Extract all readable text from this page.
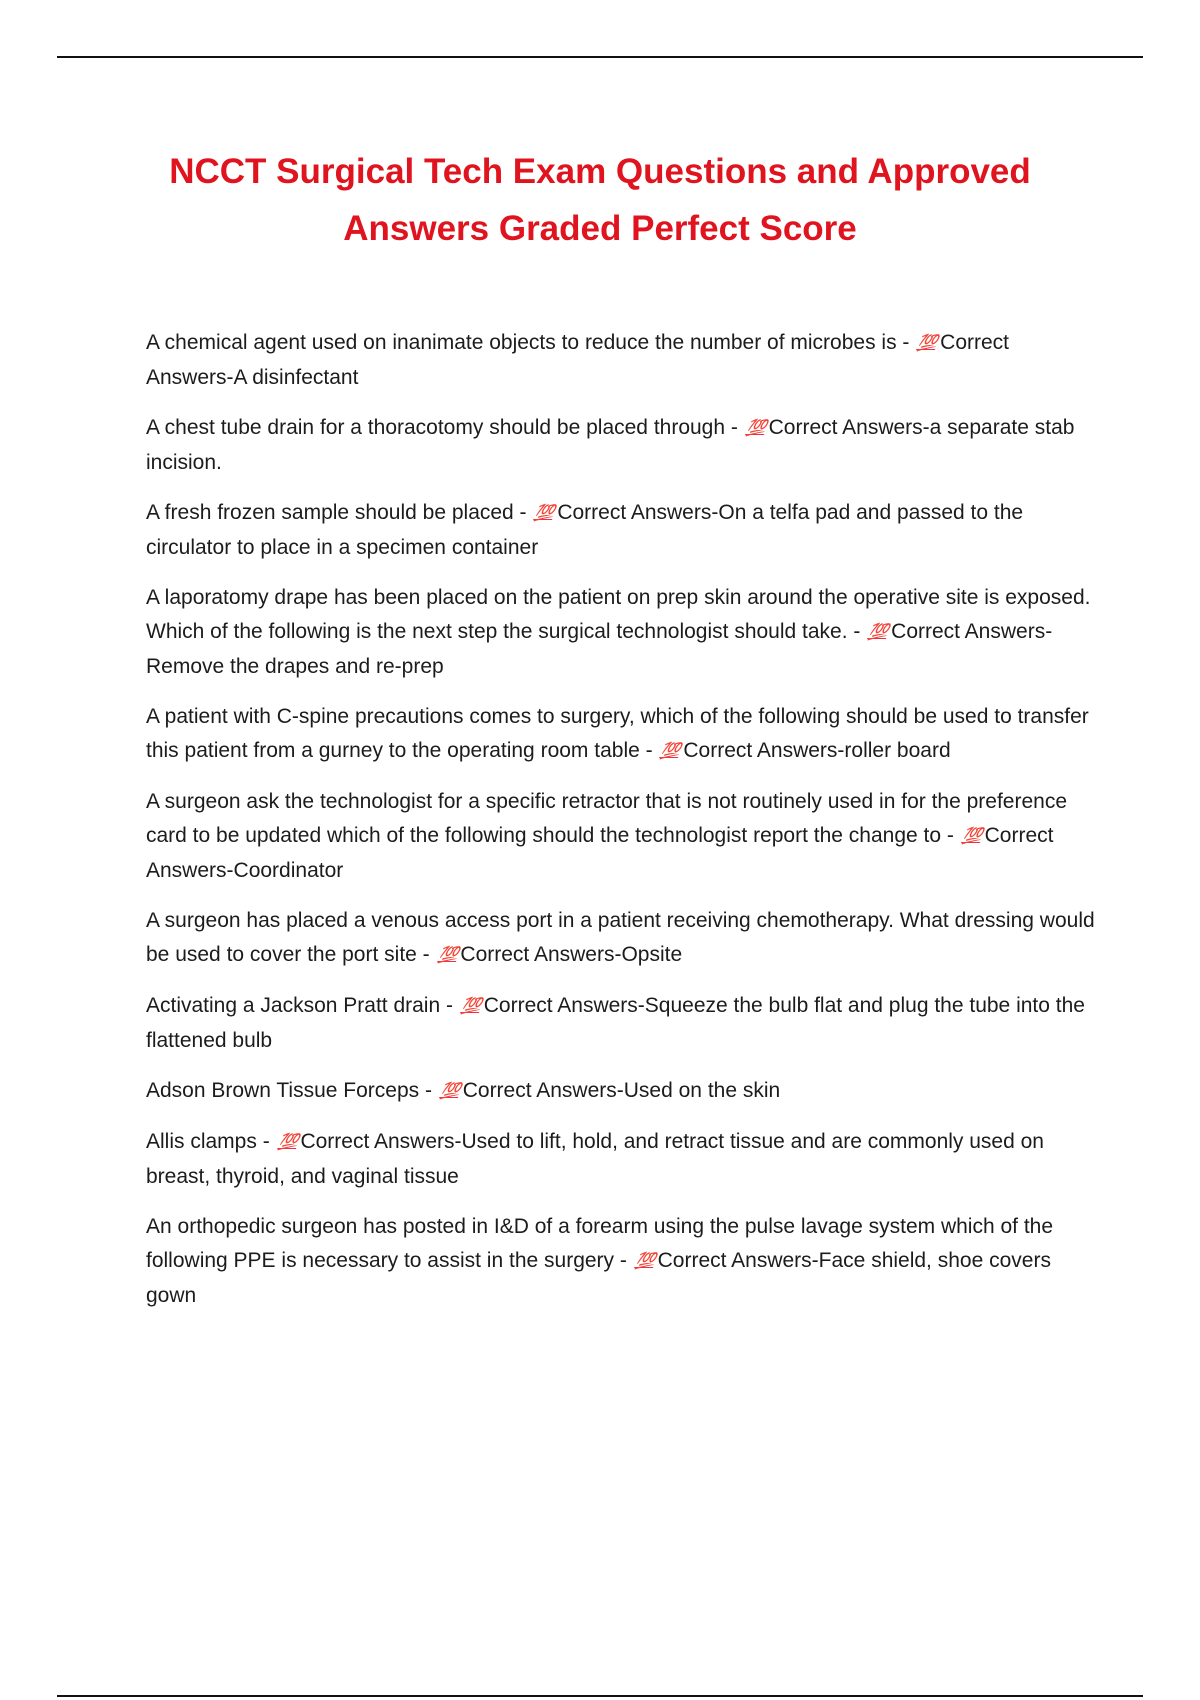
NCCT Surgical Tech Exam Questions and Approved Answers Graded Perfect Score
A chemical agent used on inanimate objects to reduce the number of microbes is - 💯 Correct Answers-A disinfectant
A chest tube drain for a thoracotomy should be placed through - 💯 Correct Answers-a separate stab incision.
A fresh frozen sample should be placed - 💯 Correct Answers-On a telfa pad and passed to the circulator to place in a specimen container
A laporatomy drape has been placed on the patient on prep skin around the operative site is exposed. Which of the following is the next step the surgical technologist should take. - 💯 Correct Answers-Remove the drapes and re-prep
A patient with C-spine precautions comes to surgery, which of the following should be used to transfer this patient from a gurney to the operating room table - 💯 Correct Answers-roller board
A surgeon ask the technologist for a specific retractor that is not routinely used in for the preference card to be updated which of the following should the technologist report the change to - 💯 Correct Answers-Coordinator
A surgeon has placed a venous access port in a patient receiving chemotherapy. What dressing would be used to cover the port site - 💯 Correct Answers-Opsite
Activating a Jackson Pratt drain - 💯 Correct Answers-Squeeze the bulb flat and plug the tube into the flattened bulb
Adson Brown Tissue Forceps - 💯 Correct Answers-Used on the skin
Allis clamps - 💯 Correct Answers-Used to lift, hold, and retract tissue and are commonly used on breast, thyroid, and vaginal tissue
An orthopedic surgeon has posted in I&D of a forearm using the pulse lavage system which of the following PPE is necessary to assist in the surgery - 💯 Correct Answers-Face shield, shoe covers gown
